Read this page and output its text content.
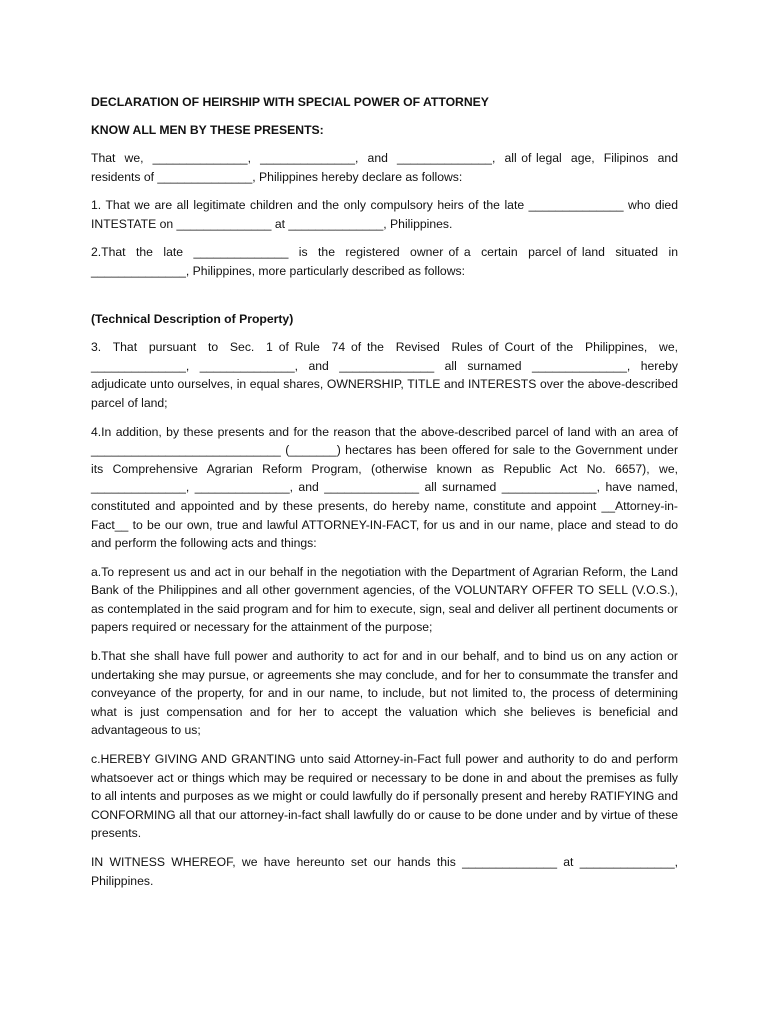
DECLARATION OF HEIRSHIP WITH SPECIAL POWER OF ATTORNEY
KNOW ALL MEN BY THESE PRESENTS:
That  we,  ______________,  ______________,  and  ______________,  all of legal  age,  Filipinos  and residents of ______________, Philippines hereby declare as follows:
1. That we are all legitimate children and the only compulsory heirs of the late ______________ who died INTESTATE on ______________ at ______________, Philippines.
2.That  the  late  ______________  is  the  registered  owner of a  certain  parcel of land  situated  in ______________, Philippines, more particularly described as follows:
(Technical Description of Property)
3.  That  pursuant  to  Sec.  1 of Rule  74 of the  Revised  Rules of Court of the  Philippines,  we, ______________, ______________, and ______________ all surnamed ______________, hereby adjudicate unto ourselves, in equal shares, OWNERSHIP, TITLE and INTERESTS over the above-described parcel of land;
4.In addition, by these presents and for the reason that the above-described parcel of land with an area of ____________________________ (_______) hectares has been offered for sale to the Government under its Comprehensive Agrarian Reform Program, (otherwise known as Republic Act No. 6657), we, ______________, ______________, and ______________ all surnamed ______________, have named, constituted and appointed and by these presents, do hereby name, constitute and appoint __Attorney-in-Fact__ to be our own, true and lawful ATTORNEY-IN-FACT, for us and in our name, place and stead to do and perform the following acts and things:
a.To represent us and act in our behalf in the negotiation with the Department of Agrarian Reform, the Land Bank of the Philippines and all other government agencies, of the VOLUNTARY OFFER TO SELL (V.O.S.), as contemplated in the said program and for him to execute, sign, seal and deliver all pertinent documents or papers required or necessary for the attainment of the purpose;
b.That she shall have full power and authority to act for and in our behalf, and to bind us on any action or undertaking she may pursue, or agreements she may conclude, and for her to consummate the transfer and conveyance of the property, for and in our name, to include, but not limited to, the process of determining what is just compensation and for her to accept the valuation which she believes is beneficial and advantageous to us;
c.HEREBY GIVING AND GRANTING unto said Attorney-in-Fact full power and authority to do and perform whatsoever act or things which may be required or necessary to be done in and about the premises as fully to all intents and purposes as we might or could lawfully do if personally present and hereby RATIFYING and CONFORMING all that our attorney-in-fact shall lawfully do or cause to be done under and by virtue of these presents.
IN WITNESS WHEREOF, we have hereunto set our hands this ______________ at ______________, Philippines.
